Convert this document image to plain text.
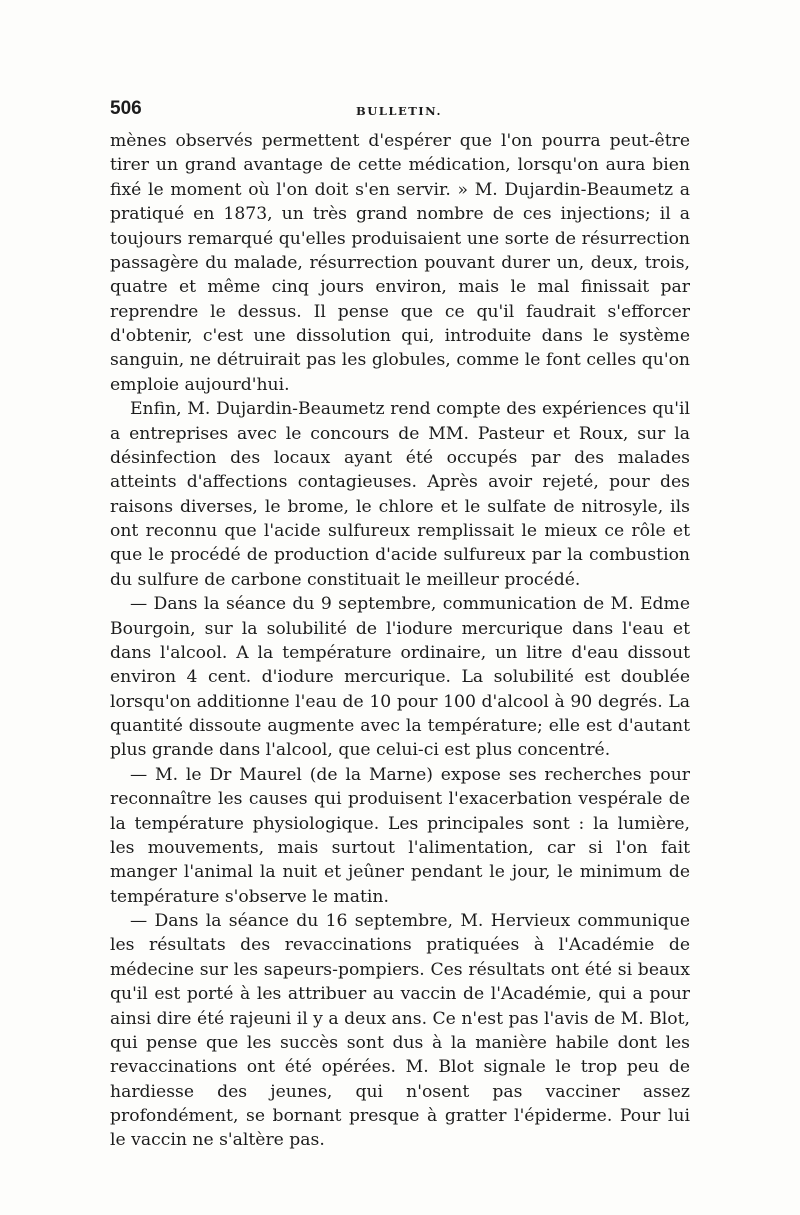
506	BULLETIN.

mènes observés permettent d'espérer que l'on pourra peut-être tirer un grand avantage de cette médication, lorsqu'on aura bien fixé le moment où l'on doit s'en servir. » M. Dujardin-Beaumetz a pratiqué en 1873, un très grand nombre de ces injections; il a toujours remarqué qu'elles produisaient une sorte de résurrection passagère du malade, résurrection pouvant durer un, deux, trois, quatre et même cinq jours environ, mais le mal finissait par reprendre le dessus. Il pense que ce qu'il faudrait s'efforcer d'obtenir, c'est une dissolution qui, introduite dans le système sanguin, ne détruirait pas les globules, comme le font celles qu'on emploie aujourd'hui.

Enfin, M. Dujardin-Beaumetz rend compte des expériences qu'il a entreprises avec le concours de MM. Pasteur et Roux, sur la désinfection des locaux ayant été occupés par des malades atteints d'affections contagieuses. Après avoir rejeté, pour des raisons diverses, le brome, le chlore et le sulfate de nitrosyle, ils ont reconnu que l'acide sulfureux remplissait le mieux ce rôle et que le procédé de production d'acide sulfureux par la combustion du sulfure de carbone constituait le meilleur procédé.

— Dans la séance du 9 septembre, communication de M. Edme Bourgoin, sur la solubilité de l'iodure mercurique dans l'eau et dans l'alcool. A la température ordinaire, un litre d'eau dissout environ 4 cent. d'iodure mercurique. La solubilité est doublée lorsqu'on additionne l'eau de 10 pour 100 d'alcool à 90 degrés. La quantité dissoute augmente avec la température; elle est d'autant plus grande dans l'alcool, que celui-ci est plus concentré.

— M. le Dr Maurel (de la Marne) expose ses recherches pour reconnaître les causes qui produisent l'exacerbation vespérale de la température physiologique. Les principales sont : la lumière, les mouvements, mais surtout l'alimentation, car si l'on fait manger l'animal la nuit et jeûner pendant le jour, le minimum de température s'observe le matin.

— Dans la séance du 16 septembre, M. Hervieux communique les résultats des revaccinations pratiquées à l'Académie de médecine sur les sapeurs-pompiers. Ces résultats ont été si beaux qu'il est porté à les attribuer au vaccin de l'Académie, qui a pour ainsi dire été rajeuni il y a deux ans. Ce n'est pas l'avis de M. Blot, qui pense que les succès sont dus à la manière habile dont les revaccinations ont été opérées. M. Blot signale le trop peu de hardiesse des jeunes, qui n'osent pas vacciner assez profondément, se bornant presque à gratter l'épiderme. Pour lui le vaccin ne s'altère pas.
